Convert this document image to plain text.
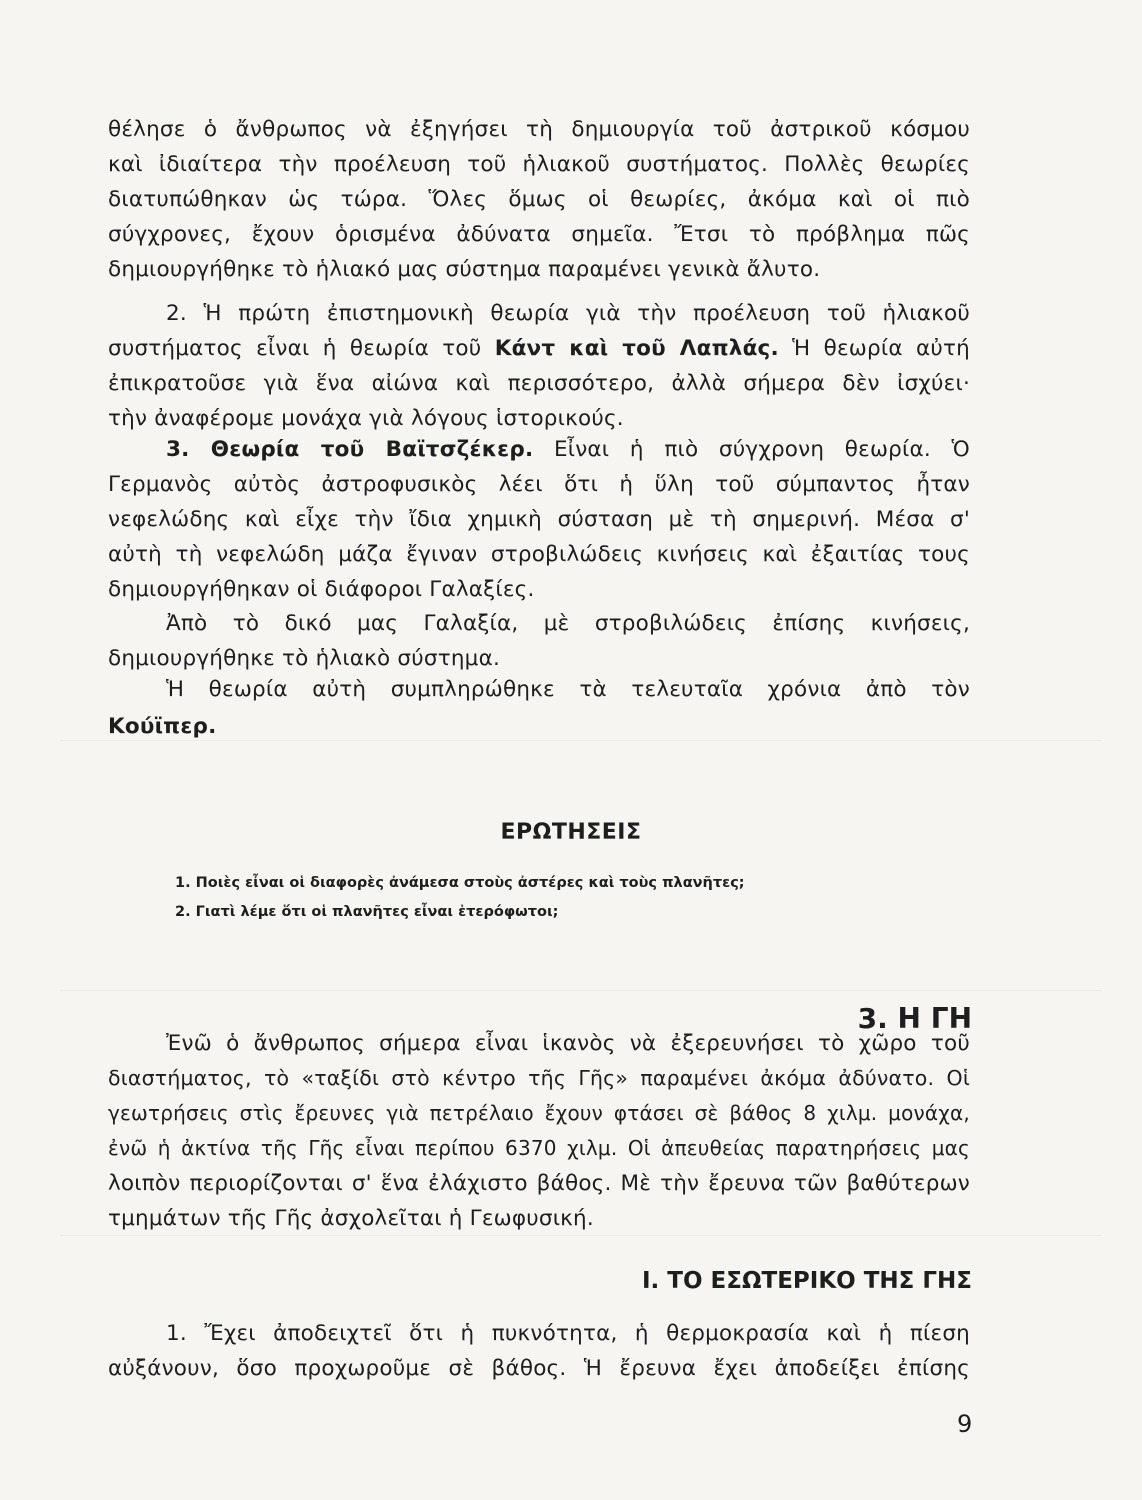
θέλησε ὁ ἄνθρωπος νὰ ἐξηγήσει τὴ δημιουργία τοῦ ἀστρικοῦ κόσμου
καὶ ἰδιαίτερα τὴν προέλευση τοῦ ἡλιακοῦ συστήματος. Πολλὲς θεωρίες
διατυπώθηκαν ὡς τώρα. Ὅλες ὅμως οἱ θεωρίες, ἀκόμα καὶ οἱ πιὸ
σύγχρονες, ἔχουν ὁρισμένα ἀδύνατα σημεῖα. Ἔτσι τὸ πρόβλημα πῶς
δημιουργήθηκε τὸ ἡλιακό μας σύστημα παραμένει γενικὰ ἄλυτο.
2. Ἡ πρώτη ἐπιστημονικὴ θεωρία γιὰ τὴν προέλευση τοῦ ἡλιακοῦ
συστήματος εἶναι ἡ θεωρία τοῦ Κάντ καὶ τοῦ Λαπλάς. Ἡ θεωρία αὐτή
ἐπικρατοῦσε γιὰ ἕνα αἰώνα καὶ περισσότερο, ἀλλὰ σήμερα δὲν ἰσχύει·
τὴν ἀναφέρομε μονάχα γιὰ λόγους ἱστορικούς.
3. Θεωρία τοῦ Βαϊτσζέκερ. Εἶναι ἡ πιὸ σύγχρονη θεωρία. Ὁ
Γερμανὸς αὐτὸς ἀστροφυσικὸς λέει ὅτι ἡ ὕλη τοῦ σύμπαντος ἦταν
νεφελώδης καὶ εἶχε τὴν ἴδια χημικὴ σύσταση μὲ τὴ σημερινή. Μέσα σ'
αὐτὴ τὴ νεφελώδη μάζα ἔγιναν στροβιλώδεις κινήσεις καὶ ἐξαιτίας τους
δημιουργήθηκαν οἱ διάφοροι Γαλαξίες.
Ἀπὸ τὸ δικό μας Γαλαξία, μὲ στροβιλώδεις ἐπίσης κινήσεις,
δημιουργήθηκε τὸ ἡλιακὸ σύστημα.
Ἡ θεωρία αὐτὴ συμπληρώθηκε τὰ τελευταῖα χρόνια ἀπὸ τὸν
Κούϊπερ.
ΕΡΩΤΗΣΕΙΣ
1. Ποιὲς εἶναι οἱ διαφορὲς ἀνάμεσα στοὺς ἀστέρες καὶ τοὺς πλανῆτες;
2. Γιατὶ λέμε ὅτι οἱ πλανῆτες εἶναι ἑτερόφωτοι;
3. Η ΓΗ
Ἐνῶ ὁ ἄνθρωπος σήμερα εἶναι ἱκανὸς νὰ ἐξερευνήσει τὸ χῶρο τοῦ
διαστήματος, τὸ «ταξίδι στὸ κέντρο τῆς Γῆς» παραμένει ἀκόμα ἀδύνατο. Οἱ
γεωτρήσεις στὶς ἔρευνες γιὰ πετρέλαιο ἔχουν φτάσει σὲ βάθος 8 χιλμ. μονάχα,
ἐνῶ ἡ ἀκτίνα τῆς Γῆς εἶναι περίπου 6370 χιλμ. Οἱ ἀπευθείας παρατηρήσεις μας
λοιπὸν περιορίζονται σ' ἕνα ἐλάχιστο βάθος. Μὲ τὴν ἔρευνα τῶν βαθύτερων
τμημάτων τῆς Γῆς ἀσχολεῖται ἡ Γεωφυσική.
Ι. ΤΟ ΕΣΩΤΕΡΙΚΟ ΤΗΣ ΓΗΣ
1. Ἔχει ἀποδειχτεῖ ὅτι ἡ πυκνότητα, ἡ θερμοκρασία καὶ ἡ πίεση
αὐξάνουν, ὅσο προχωροῦμε σὲ βάθος. Ἡ ἔρευνα ἔχει ἀποδείξει ἐπίσης
9
